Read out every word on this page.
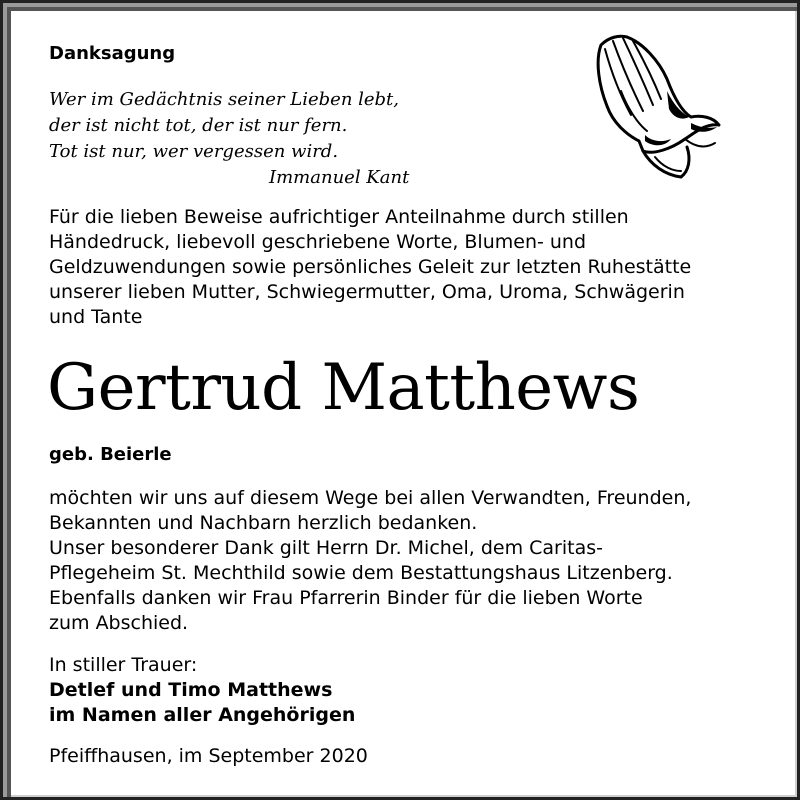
Danksagung
Wer im Gedächtnis seiner Lieben lebt,
der ist nicht tot, der ist nur fern.
Tot ist nur, wer vergessen wird.
Immanuel Kant
Für die lieben Beweise aufrichtiger Anteilnahme durch stillen
Händedruck, liebevoll geschriebene Worte, Blumen- und
Geldzuwendungen sowie persönliches Geleit zur letzten Ruhestätte
unserer lieben Mutter, Schwiegermutter, Oma, Uroma, Schwägerin
und Tante
Gertrud Matthews
geb. Beierle
möchten wir uns auf diesem Wege bei allen Verwandten, Freunden,
Bekannten und Nachbarn herzlich bedanken.
Unser besonderer Dank gilt Herrn Dr. Michel, dem Caritas-
Pflegeheim St. Mechthild sowie dem Bestattungshaus Litzenberg.
Ebenfalls danken wir Frau Pfarrerin Binder für die lieben Worte
zum Abschied.
In stiller Trauer:
Detlef und Timo Matthews
im Namen aller Angehörigen
Pfeiffhausen, im September 2020
